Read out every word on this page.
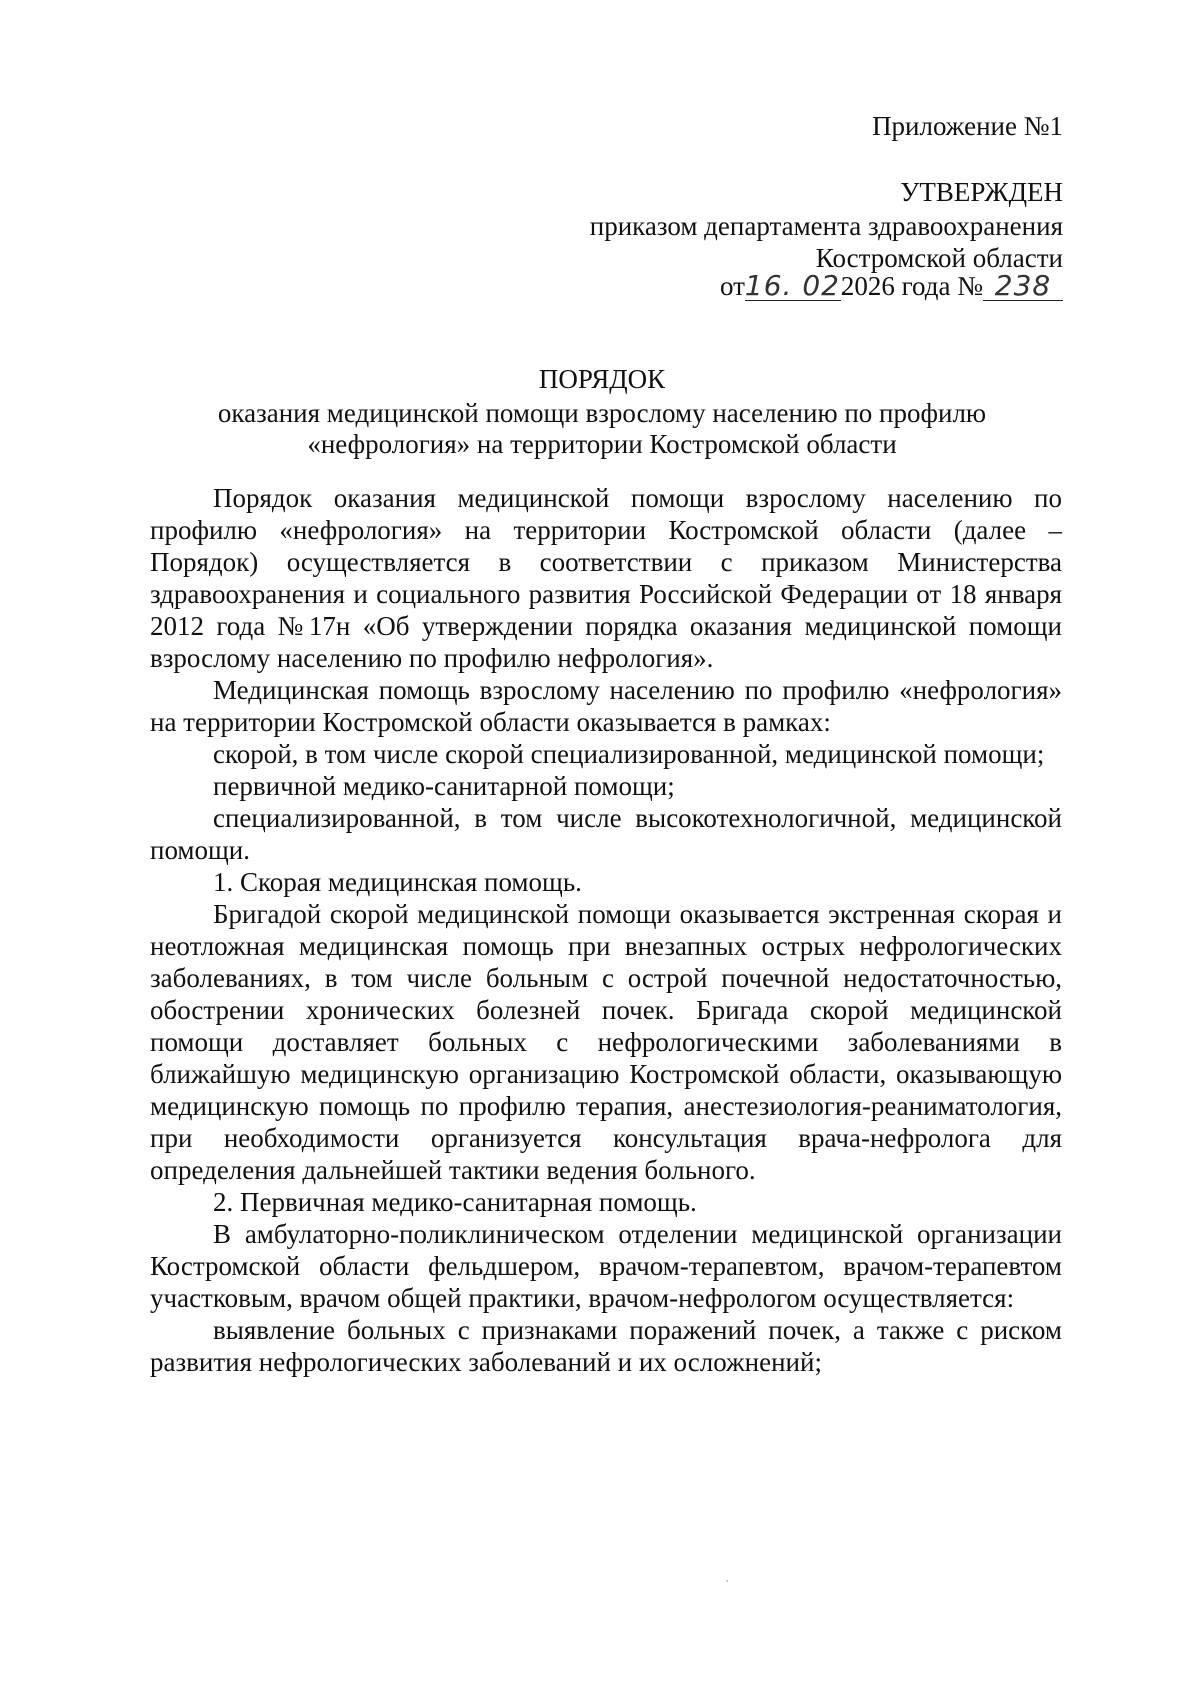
Приложение №1
УТВЕРЖДЕН
приказом департамента здравоохранения
Костромской области
от16. 02.2026 года № 238
ПОРЯДОК
оказания медицинской помощи взрослому населению по профилю
«нефрология» на территории Костромской области

Порядок оказания медицинской помощи взрослому населению по профилю «нефрология» на территории Костромской области (далее – Порядок) осуществляется в соответствии с приказом Министерства здравоохранения и социального развития Российской Федерации от 18 января 2012 года №17н «Об утверждении порядка оказания медицинской помощи взрослому населению по профилю нефрология».

Медицинская помощь взрослому населению по профилю «нефрология» на территории Костромской области оказывается в рамках:

скорой, в том числе скорой специализированной, медицинской помощи;

первичной медико-санитарной помощи;

специализированной, в том числе высокотехнологичной, медицинской помощи.

1. Скорая медицинская помощь.

Бригадой скорой медицинской помощи оказывается экстренная скорая и неотложная медицинская помощь при внезапных острых нефрологических заболеваниях, в том числе больным с острой почечной недостаточностью, обострении хронических болезней почек. Бригада скорой медицинской помощи доставляет больных с нефрологическими заболеваниями в ближайшую медицинскую организацию Костромской области, оказывающую медицинскую помощь по профилю терапия, анестезиология-реаниматология, при необходимости организуется консультация врача-нефролога для определения дальнейшей тактики ведения больного.

2. Первичная медико-санитарная помощь.

В амбулаторно-поликлиническом отделении медицинской организации Костромской области фельдшером, врачом-терапевтом, врачом-терапевтом участковым, врачом общей практики, врачом-нефрологом осуществляется:

выявление больных с признаками поражений почек, а также с риском развития нефрологических заболеваний и их осложнений;
